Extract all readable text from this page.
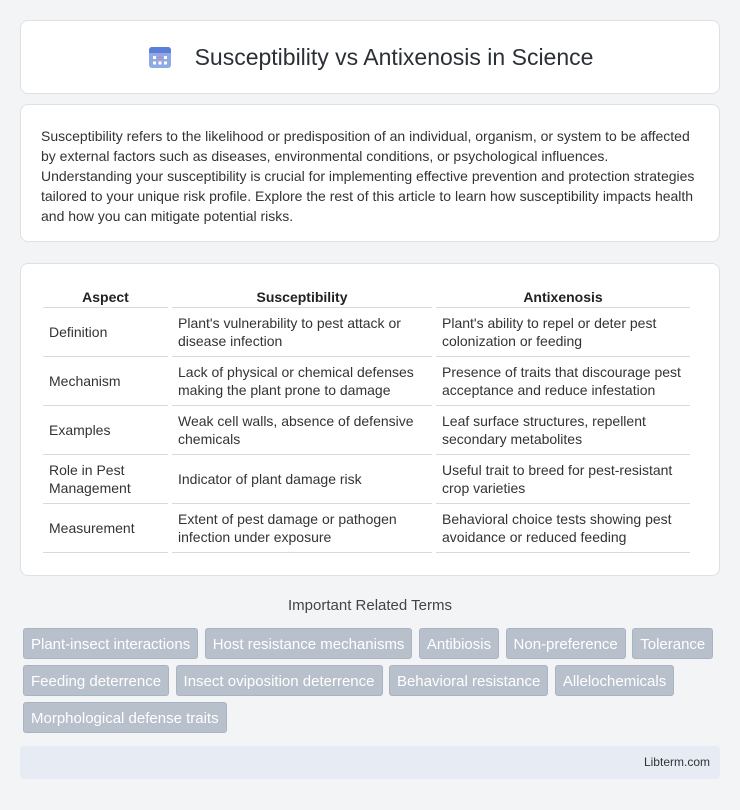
Susceptibility vs Antixenosis in Science

Susceptibility refers to the likelihood or predisposition of an individual, organism, or system to be affected by external factors such as diseases, environmental conditions, or psychological influences. Understanding your susceptibility is crucial for implementing effective prevention and protection strategies tailored to your unique risk profile. Explore the rest of this article to learn how susceptibility impacts health and how you can mitigate potential risks.

Aspect	Susceptibility	Antixenosis
Definition	Plant's vulnerability to pest attack or disease infection	Plant's ability to repel or deter pest colonization or feeding
Mechanism	Lack of physical or chemical defenses making the plant prone to damage	Presence of traits that discourage pest acceptance and reduce infestation
Examples	Weak cell walls, absence of defensive chemicals	Leaf surface structures, repellent secondary metabolites
Role in Pest Management	Indicator of plant damage risk	Useful trait to breed for pest-resistant crop varieties
Measurement	Extent of pest damage or pathogen infection under exposure	Behavioral choice tests showing pest avoidance or reduced feeding
Important Related Terms
Plant-insect interactions Host resistance mechanisms Antibiosis Non-preference Tolerance Feeding deterrence Insect oviposition deterrence Behavioral resistance Allelochemicals Morphological defense traits
Libterm.com
